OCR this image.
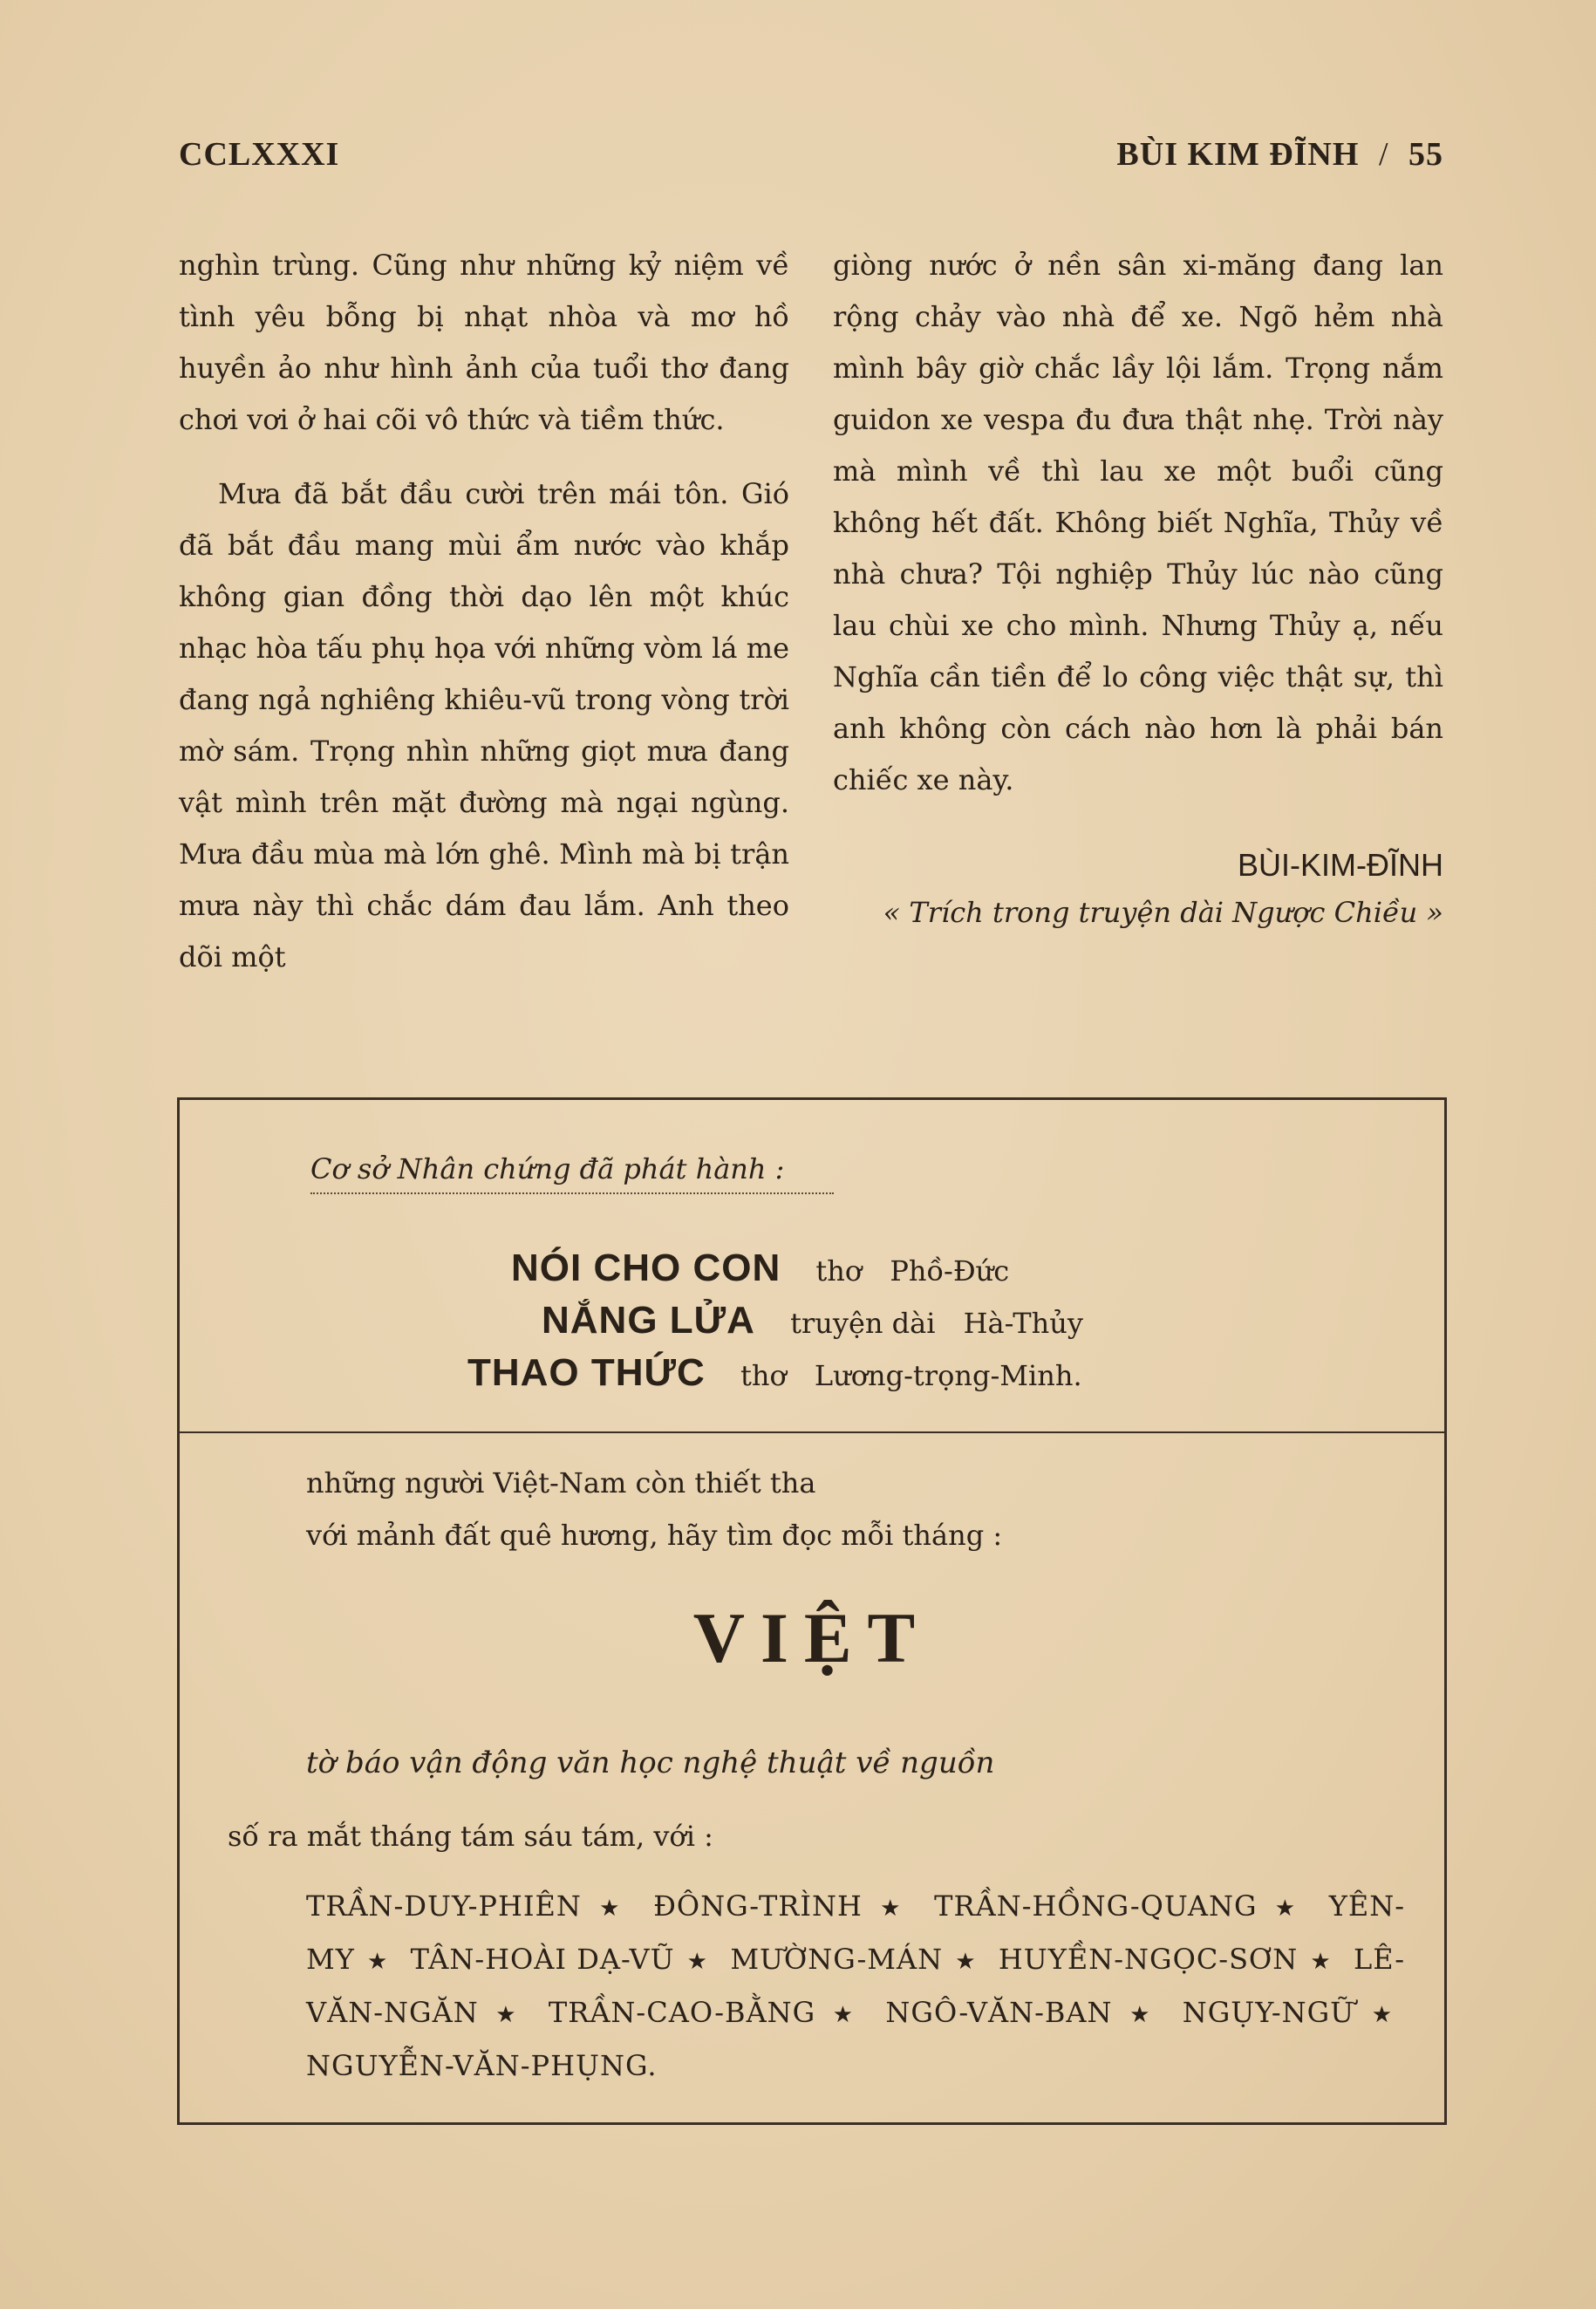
CCLXXXI	BÙI KIM ĐĨNH / 55

nghìn trùng. Cũng như những kỷ niệm về tình yêu bỗng bị nhạt nhòa và mơ hồ huyền ảo như hình ảnh của tuổi thơ đang chơi vơi ở hai cõi vô thức và tiềm thức.

Mưa đã bắt đầu cười trên mái tôn. Gió đã bắt đầu mang mùi ẩm nước vào khắp không gian đồng thời dạo lên một khúc nhạc hòa tấu phụ họa với những vòm lá me đang ngả nghiêng khiêu-vũ trong vòng trời mờ sám. Trọng nhìn những giọt mưa đang vật mình trên mặt đường mà ngại ngùng. Mưa đầu mùa mà lớn ghê. Mình mà bị trận mưa này thì chắc dám đau lắm. Anh theo dõi một

giòng nước ở nền sân xi-măng đang lan rộng chảy vào nhà để xe. Ngõ hẻm nhà mình bây giờ chắc lầy lội lắm. Trọng nắm guidon xe vespa đu đưa thật nhẹ. Trời này mà mình về thì lau xe một buổi cũng không hết đất. Không biết Nghĩa, Thủy về nhà chưa? Tội nghiệp Thủy lúc nào cũng lau chùi xe cho mình. Nhưng Thủy ạ, nếu Nghĩa cần tiền để lo công việc thật sự, thì anh không còn cách nào hơn là phải bán chiếc xe này.

BÙI-KIM-ĐĨNH
« Trích trong truyện dài Ngược Chiều »
Cơ sở Nhân chứng đã phát hành :
NÓI CHO CON thơ Phồ-Đức
NẮNG LỬA truyện dài Hà-Thủy
THAO THỨC thơ Lương-trọng-Minh.
những người Việt-Nam còn thiết tha
với mảnh đất quê hương, hãy tìm đọc mỗi tháng :
VIỆT
tờ báo vận động văn học nghệ thuật về nguồn
số ra mắt tháng tám sáu tám, với :
TRẦN-DUY-PHIÊN ★ ĐÔNG-TRÌNH ★ TRẦN-HỒNG-QUANG ★ YÊN-MY ★ TÂN-HOÀI DẠ-VŨ ★ MƯỜNG-MÁN ★ HUYỀN-NGỌC-SƠN ★ LÊ-VĂN-NGĂN ★ TRẦN-CAO-BẰNG ★ NGÔ-VĂN-BAN ★ NGỤY-NGỮ ★ NGUYỄN-VĂN-PHỤNG.
